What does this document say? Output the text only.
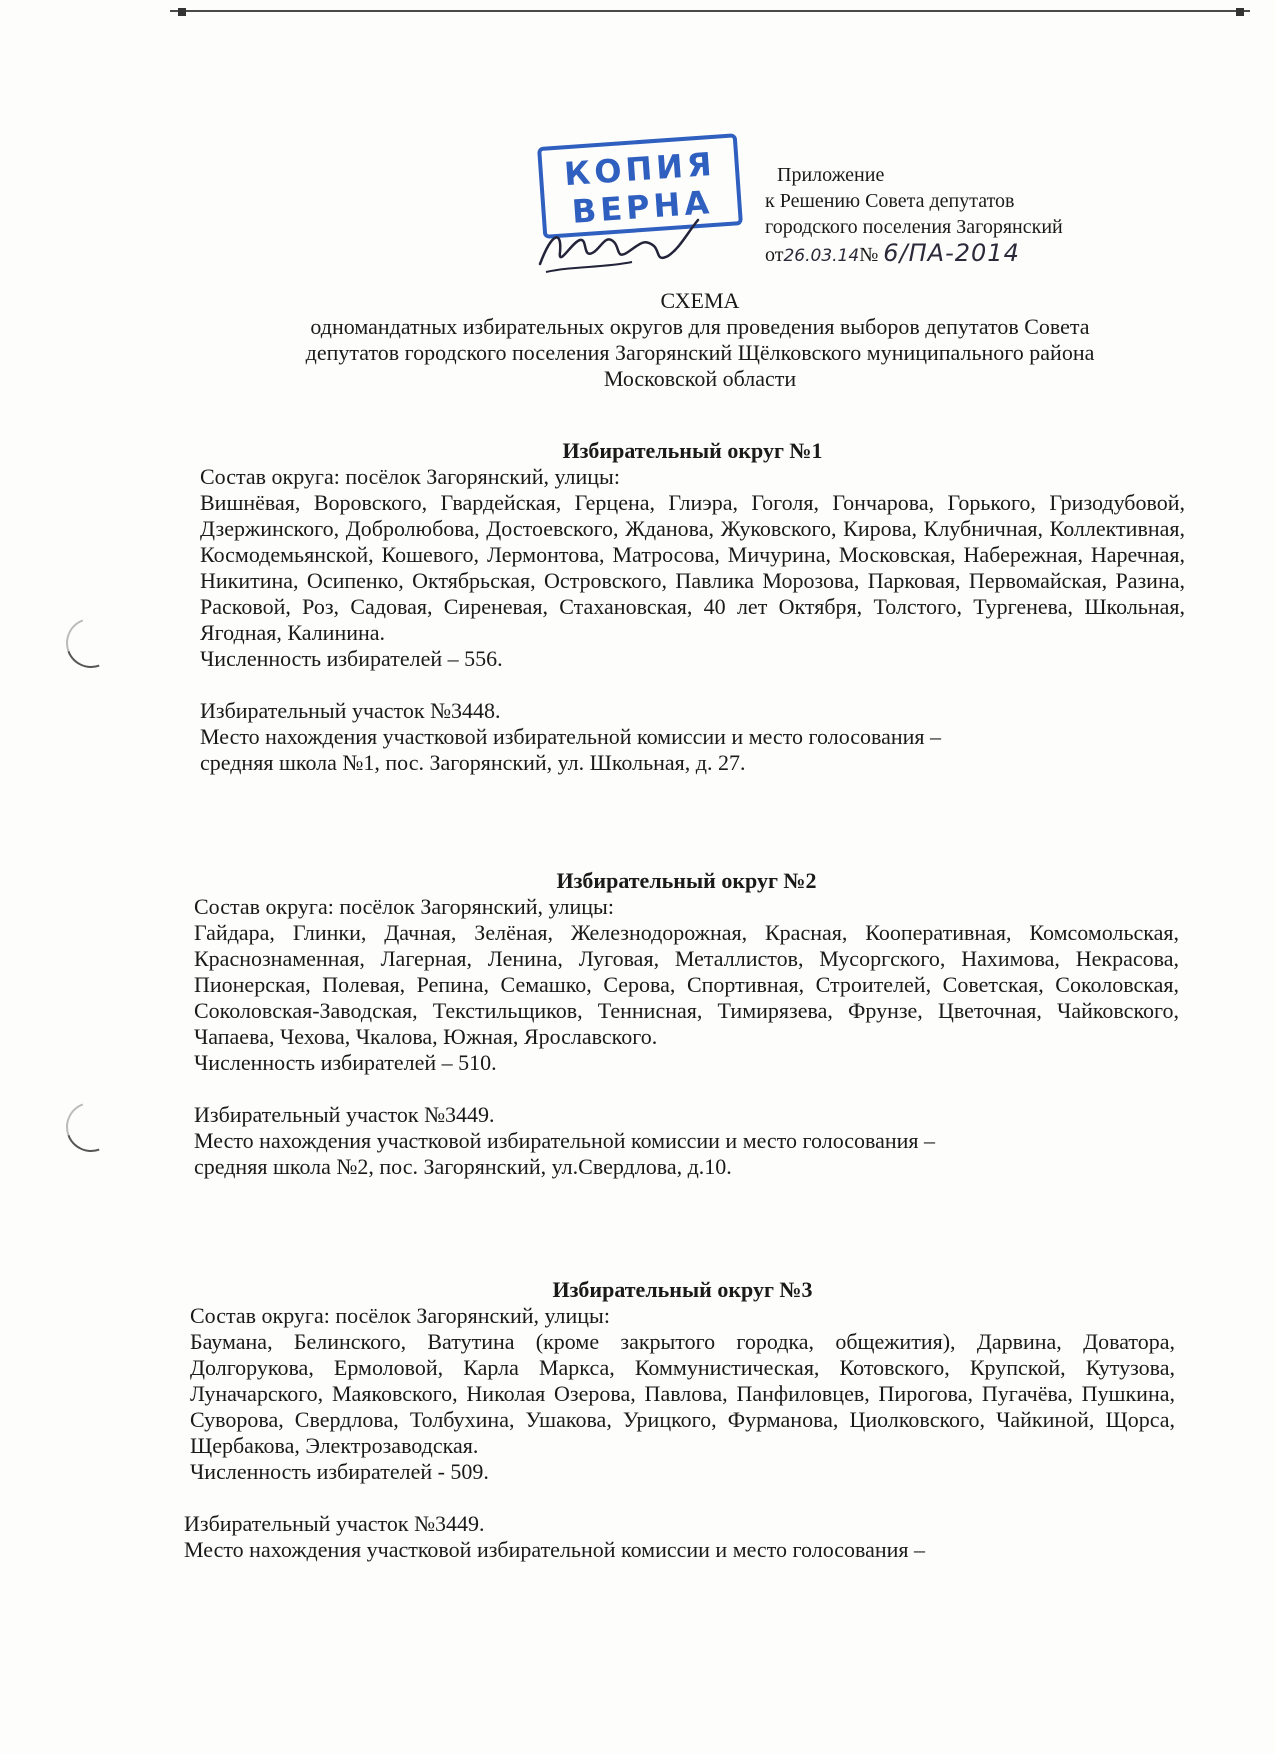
КОПИЯ
ВЕРНА
Приложение
к Решению Совета депутатов
городского поселения Загорянский
от26.03.14№ 6/ПА-2014
СХЕМА
одномандатных избирательных округов для проведения выборов депутатов Совета
депутатов городского поселения Загорянский Щёлковского муниципального района
Московской области
Избирательный округ №1
Состав округа: посёлок Загорянский, улицы:
Вишнёвая, Воровского, Гвардейская, Герцена, Глиэра, Гоголя, Гончарова, Горького, Гризодубовой, Дзержинского, Добролюбова, Достоевского, Жданова, Жуковского, Кирова, Клубничная, Коллективная, Космодемьянской, Кошевого, Лермонтова, Матросова, Мичурина, Московская, Набережная, Наречная, Никитина, Осипенко, Октябрьская, Островского, Павлика Морозова, Парковая, Первомайская, Разина, Расковой, Роз, Садовая, Сиреневая, Стахановская, 40 лет Октября, Толстого, Тургенева, Школьная, Ягодная, Калинина.
Численность избирателей – 556.
Избирательный участок №3448.
Место нахождения участковой избирательной комиссии и место голосования –
средняя школа №1, пос. Загорянский, ул. Школьная, д. 27.
Избирательный округ №2
Состав округа: посёлок Загорянский, улицы:
Гайдара, Глинки, Дачная, Зелёная, Железнодорожная, Красная, Кооперативная, Комсомольская, Краснознаменная, Лагерная, Ленина, Луговая, Металлистов, Мусоргского, Нахимова, Некрасова, Пионерская, Полевая, Репина, Семашко, Серова, Спортивная, Строителей, Советская, Соколовская, Соколовская-Заводская, Текстильщиков, Теннисная, Тимирязева, Фрунзе, Цветочная, Чайковского, Чапаева, Чехова, Чкалова, Южная, Ярославского.
Численность избирателей – 510.
Избирательный участок №3449.
Место нахождения участковой избирательной комиссии и место голосования –
средняя школа №2, пос. Загорянский, ул.Свердлова, д.10.
Избирательный округ №3
Состав округа: посёлок Загорянский, улицы:
Баумана, Белинского, Ватутина (кроме закрытого городка, общежития), Дарвина, Доватора, Долгорукова, Ермоловой, Карла Маркса, Коммунистическая, Котовского, Крупской, Кутузова, Луначарского, Маяковского, Николая Озерова, Павлова, Панфиловцев, Пирогова, Пугачёва, Пушкина, Суворова, Свердлова, Толбухина, Ушакова, Урицкого, Фурманова, Циолковского, Чайкиной, Щорса, Щербакова, Электрозаводская.
Численность избирателей - 509.
Избирательный участок №3449.
Место нахождения участковой избирательной комиссии и место голосования –
